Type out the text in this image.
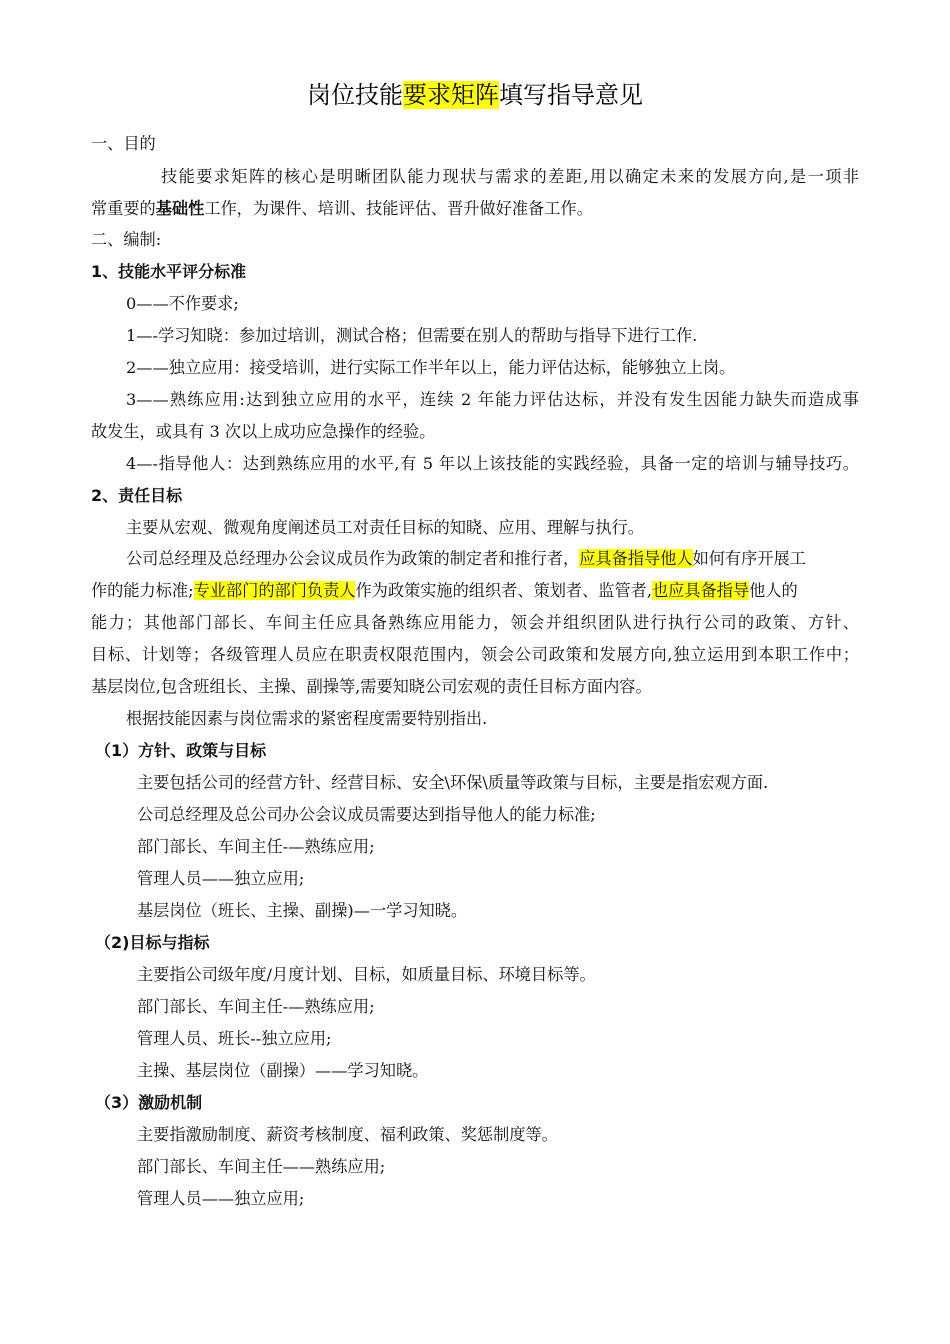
岗位技能要求矩阵填写指导意见
一、目的
技能要求矩阵的核心是明晰团队能力现状与需求的差距,用以确定未来的发展方向,是一项非
常重要的基础性工作，为课件、培训、技能评估、晋升做好准备工作。
二、编制:
1、技能水平评分标准
0——不作要求;
1—-学习知晓：参加过培训，测试合格；但需要在别人的帮助与指导下进行工作.
2——独立应用：接受培训，进行实际工作半年以上，能力评估达标，能够独立上岗。
3——熟练应用:达到独立应用的水平，连续 2 年能力评估达标，并没有发生因能力缺失而造成事
故发生，或具有 3 次以上成功应急操作的经验。
4—-指导他人：达到熟练应用的水平,有 5 年以上该技能的实践经验，具备一定的培训与辅导技巧。
2、责任目标
主要从宏观、微观角度阐述员工对责任目标的知晓、应用、理解与执行。
公司总经理及总经理办公会议成员作为政策的制定者和推行者，应具备指导他人如何有序开展工
作的能力标准;专业部门的部门负责人作为政策实施的组织者、策划者、监管者,也应具备指导他人的
能力；其他部门部长、车间主任应具备熟练应用能力，领会并组织团队进行执行公司的政策、方针、
目标、计划等；各级管理人员应在职责权限范围内，领会公司政策和发展方向,独立运用到本职工作中；
基层岗位,包含班组长、主操、副操等,需要知晓公司宏观的责任目标方面内容。
根据技能因素与岗位需求的紧密程度需要特别指出.
（1）方针、政策与目标
主要包括公司的经营方针、经营目标、安全\环保\质量等政策与目标，主要是指宏观方面.
公司总经理及总公司办公会议成员需要达到指导他人的能力标准;
部门部长、车间主任-—熟练应用;
管理人员——独立应用;
基层岗位（班长、主操、副操)—一学习知晓。
（2)目标与指标
主要指公司级年度/月度计划、目标，如质量目标、环境目标等。
部门部长、车间主任-—熟练应用;
管理人员、班长--独立应用;
主操、基层岗位（副操）——学习知晓。
（3）激励机制
主要指激励制度、薪资考核制度、福利政策、奖惩制度等。
部门部长、车间主任——熟练应用;
管理人员——独立应用;
